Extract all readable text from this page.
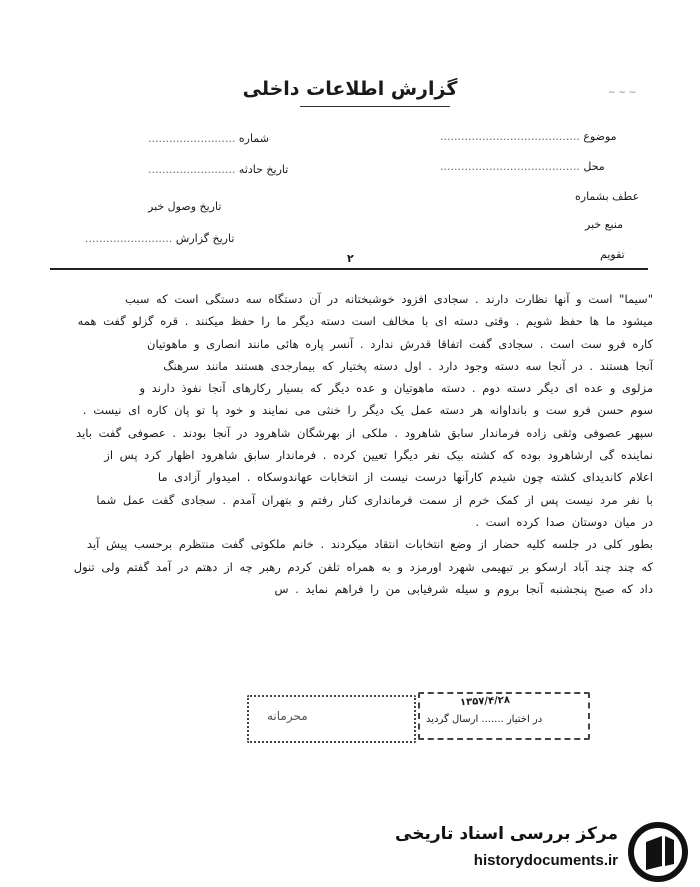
~ ~ ~
گزارش اطلاعات داخلی
شماره .........................
تاریخ حادثه .........................
تاریخ وصول خبر
تاریخ گزارش .........................
موضوع ........................................
محل ........................................
عطف بشماره
منبع خبر
تقویم
۲
"سیما" است و آنها نظارت دارند . سجادی افزود خوشبختانه در آن دستگاه سه دستگی است که سبب
میشود ما ها حفظ شویم . وقتی دسته ای با مخالف است دسته دیگر ما را حفظ میکنند . قره گزلو گفت همه
کاره فرو ست است . سجادی گفت اتفاقا قدرش ندارد . آنسر پاره هائی مانند انصاری و ماهوتیان
آنجا هستند . در آنجا سه دسته وجود دارد . اول دسته پختیار که بیمارجدی هستند مانند سرهنگ
مزلوی و عده ای دیگر دسته دوم . دسته ماهوتیان و عده دیگر که بسیار رکارهای آنجا نفوذ دارند و
سوم حسن فرو ست و بانداوانه هر دسته عمل یک دیگر را خنثی می نمایند و خود پا تو پان کاره ای نیست .
سپهر عصوفی وثقی زاده فرماندار سابق شاهرود . ملکی از بهرشگان شاهرود در آنجا بودند . عصوفی گفت باید
نماینده گی ارشاهرود بوده که کشته بیک نفر دیگرا تعیین کرده . فرماندار سابق شاهرود اظهار کرد پس از
اعلام کاندیدای کشته چون شیدم کارآنها درست نیست از انتخابات عهاندوسکاه . امیدوار آزادی ما
با نفر مرد نیست پس از کمک خرم از سمت فرمانداری کنار رفتم و بتهران آمدم . سجادی گفت عمل شما
در میان دوستان صدا کرده است .
بطور کلی در جلسه کلیه حضار از وضع انتخابات انتقاد میکردند . خانم ملکوتی گفت منتظرم برحسب پیش آید
که چند چند آباد ارسکو بر تبهیمی شهرد اورمزد و به همراه تلفن کردم رهبر چه از دهتم در آمد گفتم ولی تنول
داد که صبح پنجشنبه آنجا بروم و سیله شرفیابی من را فراهم نماید . س
محرمانه
۱۳۵۷/۴/۲۸
در اختیار ....... ارسال گردید
مرکز بررسی اسناد تاریخی
historydocuments.ir
